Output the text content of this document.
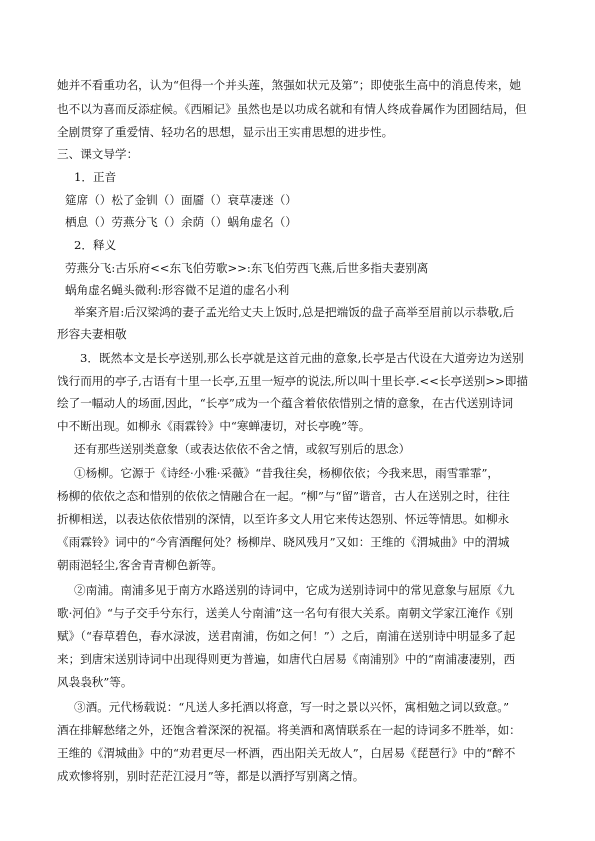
她并不看重功名，认为“但得一个并头莲，煞强如状元及第”；即使张生高中的消息传来，她
也不以为喜而反添症候。《西厢记》虽然也是以功成名就和有情人终成眷属作为团圆结局，但
全剧贯穿了重爱情、轻功名的思想，显示出王实甫思想的进步性。
三、课文导学：
1．正音
筵席（）松了金钏（）面靥（）衰草凄迷（）
栖息（）劳燕分飞（）余荫（）蜗角虚名（）
2．释义
劳燕分飞:古乐府<<东飞伯劳歌>>:东飞伯劳西飞燕,后世多指夫妻别离
蜗角虚名蝇头微利:形容微不足道的虚名小利
举案齐眉:后汉梁鸿的妻子孟光给丈夫上饭时,总是把端饭的盘子高举至眉前以示恭敬,后
形容夫妻相敬
3．既然本文是长亭送别,那么长亭就是这首元曲的意象,长亭是古代设在大道旁边为送别
饯行而用的亭子,古语有十里一长亭,五里一短亭的说法,所以叫十里长亭.<<长亭送别>>即描
绘了一幅动人的场面,因此，“长亭”成为一个蕴含着依依惜别之情的意象，在古代送别诗词
中不断出现。如柳永《雨霖铃》中“寒蝉凄切，对长亭晚”等。
还有那些送别类意象（或表达依依不舍之情，或叙写别后的思念）
①杨柳。它源于《诗经·小雅·采薇》“昔我往矣，杨柳依依；今我来思，雨雪霏霏”，
杨柳的依依之态和惜别的依依之情融合在一起。“柳”与“留”谐音，古人在送别之时，往往
折柳相送，以表达依依惜别的深情，以至许多文人用它来传达怨别、怀远等情思。如柳永
《雨霖铃》词中的“今宵酒醒何处？杨柳岸、晓风残月”又如：王维的《渭城曲》中的渭城
朝雨浥轻尘,客舍青青柳色新等。
②南浦。南浦多见于南方水路送别的诗词中，它成为送别诗词中的常见意象与屈原《九
歌·河伯》“与子交手兮东行，送美人兮南浦”这一名句有很大关系。南朝文学家江淹作《别
赋》（“春草碧色，春水渌波，送君南浦，伤如之何！”）之后，南浦在送别诗中明显多了起
来；到唐宋送别诗词中出现得则更为普遍，如唐代白居易《南浦别》中的“南浦凄凄别，西
风袅袅秋”等。
③酒。元代杨载说：“凡送人多托酒以将意，写一时之景以兴怀，寓相勉之词以致意。”
酒在排解愁绪之外，还饱含着深深的祝福。将美酒和离情联系在一起的诗词多不胜举，如：
王维的《渭城曲》中的“劝君更尽一杯酒，西出阳关无故人”，白居易《琵琶行》中的“醉不
成欢惨将别，别时茫茫江浸月”等，都是以酒抒写别离之情。
